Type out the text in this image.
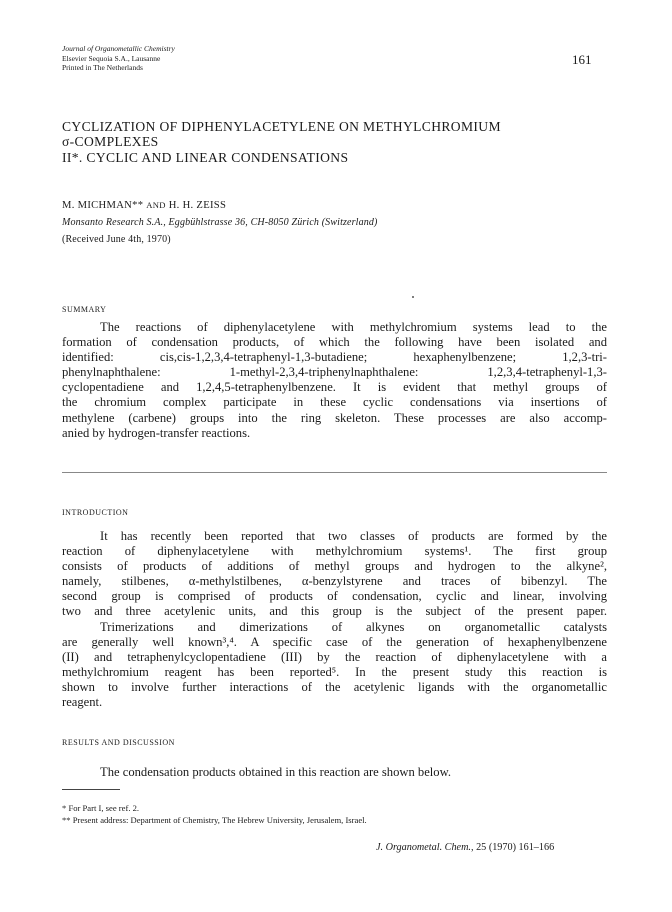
Journal of Organometallic Chemistry
Elsevier Sequoia S.A., Lausanne
Printed in The Netherlands
161
CYCLIZATION OF DIPHENYLACETYLENE ON METHYLCHROMIUM
σ-COMPLEXES
II*. CYCLIC AND LINEAR CONDENSATIONS
M. MICHMAN** AND H. H. ZEISS
Monsanto Research S.A., Eggbühlstrasse 36, CH-8050 Zürich (Switzerland)
(Received June 4th, 1970)
SUMMARY
The reactions of diphenylacetylene with methylchromium systems lead to the
formation of condensation products, of which the following have been isolated and
identified: cis,cis-1,2,3,4-tetraphenyl-1,3-butadiene; hexaphenylbenzene; 1,2,3-tri-
phenylnaphthalene: 1-methyl-2,3,4-triphenylnaphthalene: 1,2,3,4-tetraphenyl-1,3-
cyclopentadiene and 1,2,4,5-tetraphenylbenzene. It is evident that methyl groups of
the chromium complex participate in these cyclic condensations via insertions of
methylene (carbene) groups into the ring skeleton. These processes are also accomp-
anied by hydrogen-transfer reactions.
INTRODUCTION
It has recently been reported that two classes of products are formed by the
reaction of diphenylacetylene with methylchromium systems¹. The first group
consists of products of additions of methyl groups and hydrogen to the alkyne²,
namely, stilbenes, α-methylstilbenes, α-benzylstyrene and traces of bibenzyl. The
second group is comprised of products of condensation, cyclic and linear, involving
two and three acetylenic units, and this group is the subject of the present paper.
Trimerizations and dimerizations of alkynes on organometallic catalysts
are generally well known³,⁴. A specific case of the generation of hexaphenylbenzene
(II) and tetraphenylcyclopentadiene (III) by the reaction of diphenylacetylene with a
methylchromium reagent has been reported⁵. In the present study this reaction is
shown to involve further interactions of the acetylenic ligands with the organometallic
reagent.
RESULTS AND DISCUSSION
The condensation products obtained in this reaction are shown below.
* For Part I, see ref. 2.
** Present address: Department of Chemistry, The Hebrew University, Jerusalem, Israel.
J. Organometal. Chem., 25 (1970) 161–166
